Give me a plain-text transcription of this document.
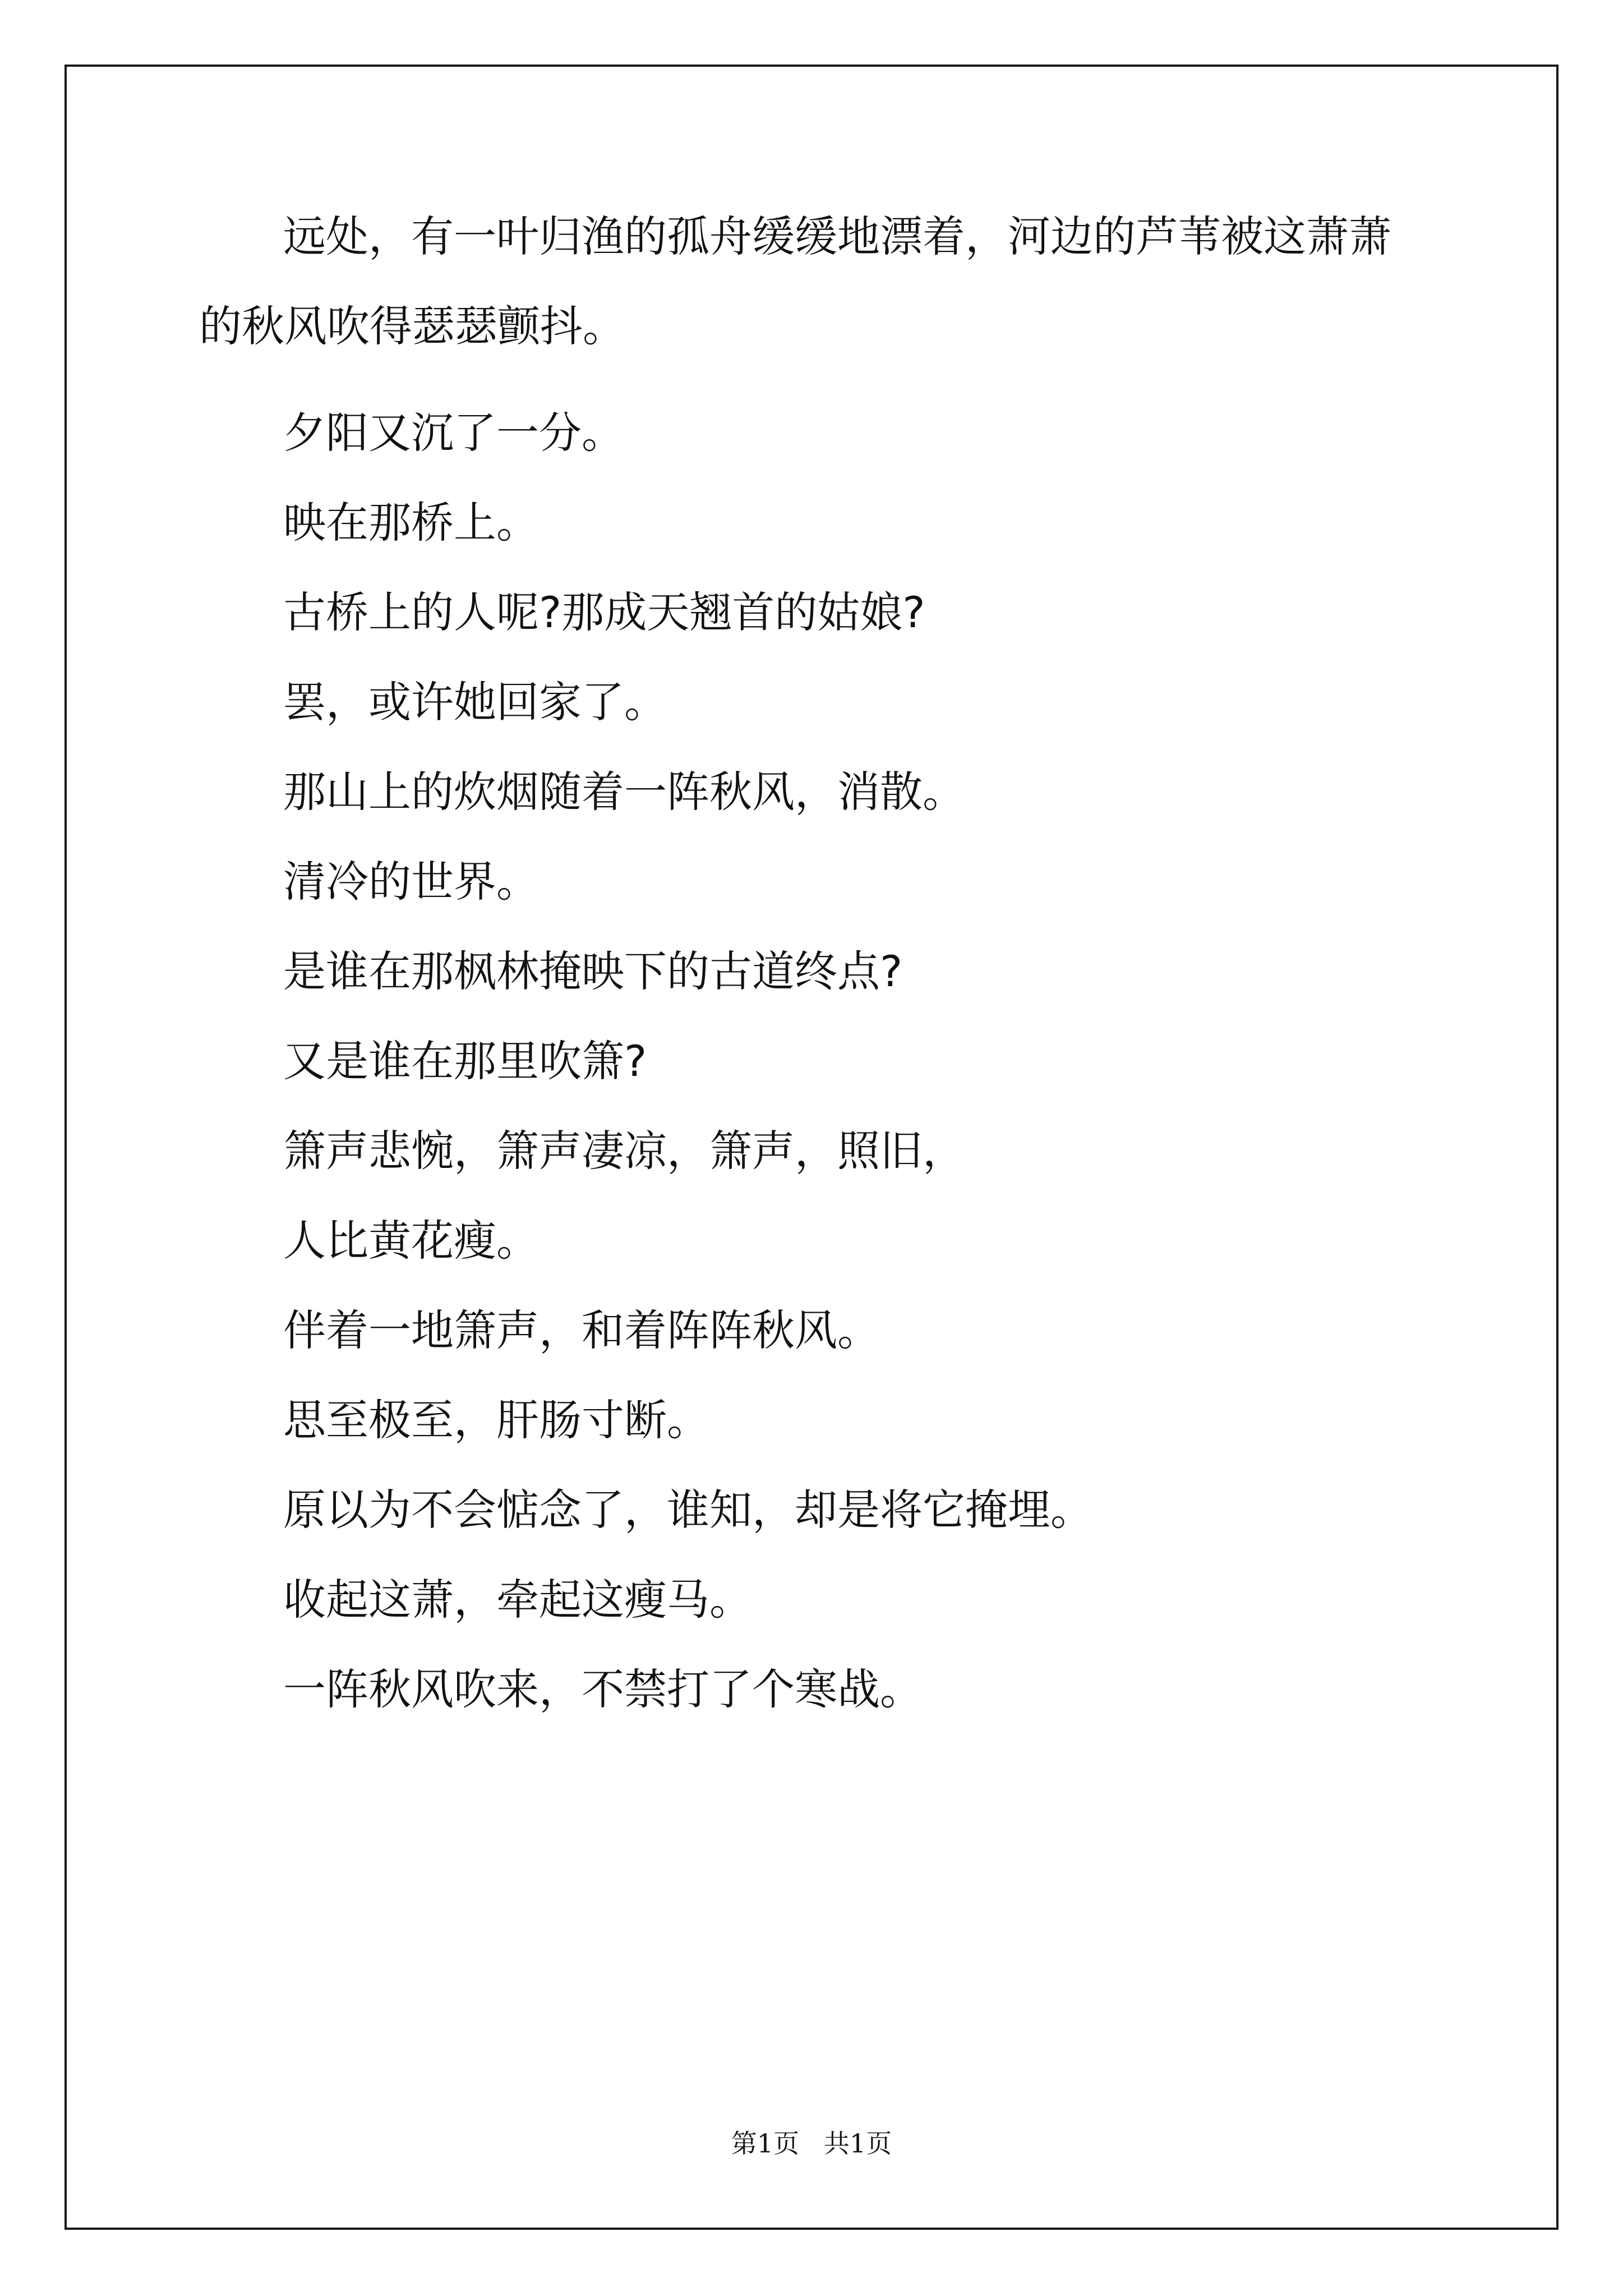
远处，有一叶归渔的孤舟缓缓地漂着，河边的芦苇被这萧萧的秋风吹得瑟瑟颤抖。

夕阳又沉了一分。

映在那桥上。

古桥上的人呢?那成天翘首的姑娘?

罢，或许她回家了。

那山上的炊烟随着一阵秋风，消散。

清冷的世界。

是谁在那枫林掩映下的古道终点?

又是谁在那里吹箫?

箫声悲惋，箫声凄凉，箫声，照旧，

人比黄花瘦。

伴着一地箫声，和着阵阵秋风。

思至极至，肝肠寸断。

原以为不会惦念了，谁知，却是将它掩埋。

收起这萧，牵起这瘦马。

一阵秋风吹来，不禁打了个寒战。

第1页   共1页
